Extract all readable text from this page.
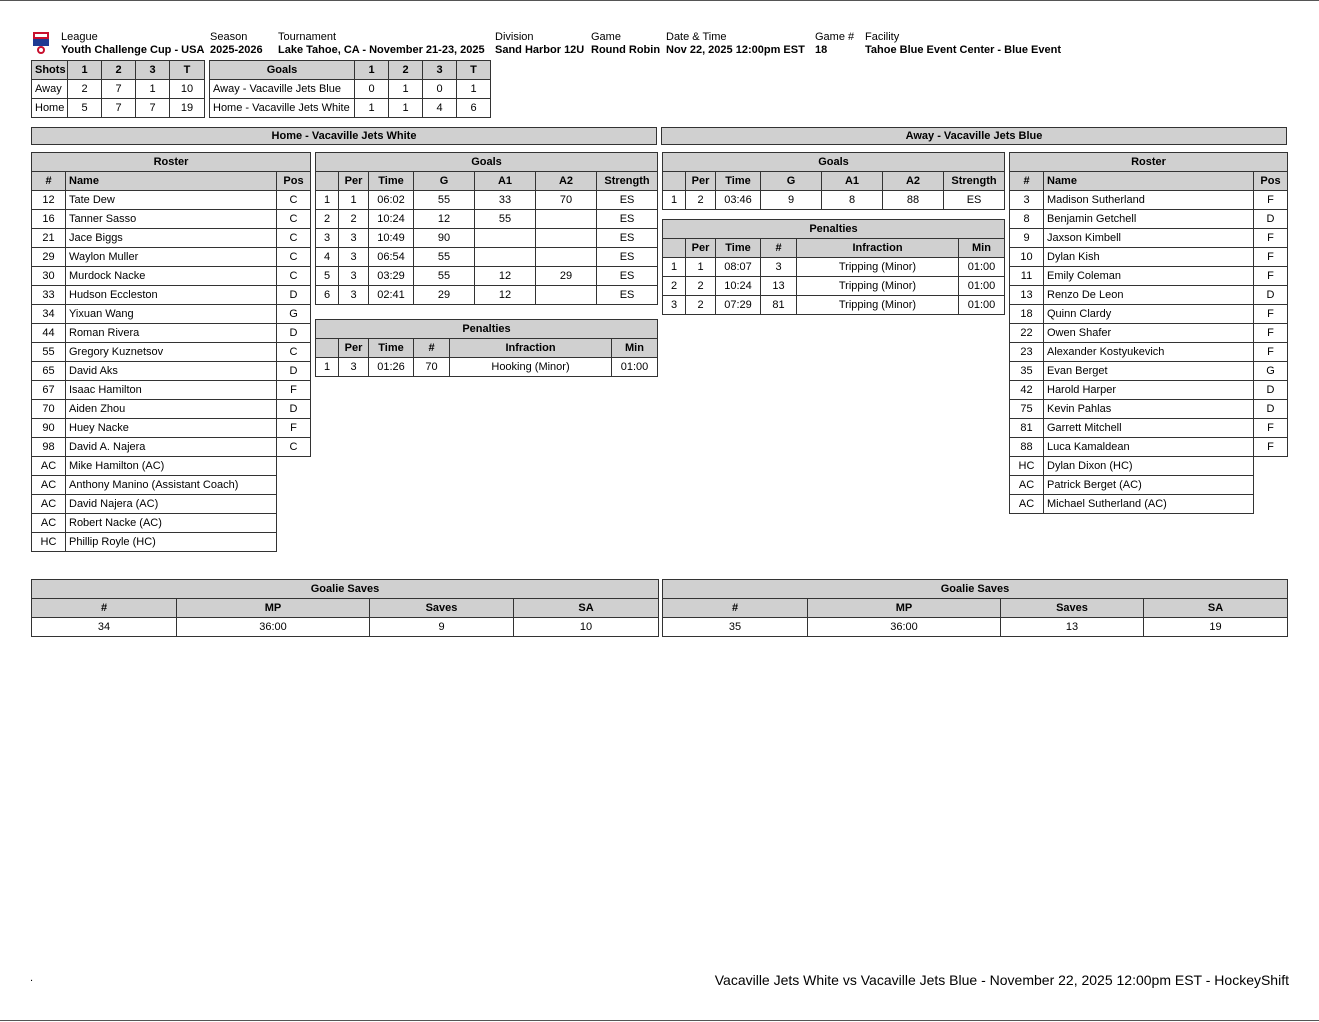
League
Youth Challenge Cup - USA
Season
2025-2026
Tournament
Lake Tahoe, CA - November 21-23, 2025
Division
Sand Harbor 12U
Game
Round Robin
Date & Time
Nov 22, 2025 12:00pm EST
Game #
18
Facility
Tahoe Blue Event Center - Blue Event
Shots	1	2	3	T
Away	2	7	1	10
Home	5	7	7	19
Goals	1	2	3	T
Away - Vacaville Jets Blue	0	1	0	1
Home - Vacaville Jets White	1	1	4	6
Home - Vacaville Jets White	Away - Vacaville Jets Blue
Roster		
#	Name	Pos
12	Tate Dew	C
16	Tanner Sasso	C
21	Jace Biggs	C
29	Waylon Muller	C
30	Murdock Nacke	C
33	Hudson Eccleston	D
34	Yixuan Wang	G
44	Roman Rivera	D
55	Gregory Kuznetsov	C
65	David Aks	D
67	Isaac Hamilton	F
70	Aiden Zhou	D
90	Huey Nacke	F
98	David A. Najera	C
AC	Mike Hamilton (AC)	
AC	Anthony Manino (Assistant Coach)	
AC	David Najera (AC)	
AC	Robert Nacke (AC)	
HC	Phillip Royle (HC)	
Goals						
	Per	Time	G	A1	A2	Strength
1	1	06:02	55	33	70	ES
2	2	10:24	12	55		ES
3	3	10:49	90			ES
4	3	06:54	55			ES
5	3	03:29	55	12	29	ES
6	3	02:41	29	12		ES
Penalties					
	Per	Time	#	Infraction	Min
1	3	01:26	70	Hooking (Minor)	01:00
Goals						
	Per	Time	G	A1	A2	Strength
1	2	03:46	9	8	88	ES
Penalties					
	Per	Time	#	Infraction	Min
1	1	08:07	3	Tripping (Minor)	01:00
2	2	10:24	13	Tripping (Minor)	01:00
3	2	07:29	81	Tripping (Minor)	01:00
Roster		
#	Name	Pos
3	Madison Sutherland	F
8	Benjamin Getchell	D
9	Jaxson Kimbell	F
10	Dylan Kish	F
11	Emily Coleman	F
13	Renzo De Leon	D
18	Quinn Clardy	F
22	Owen Shafer	F
23	Alexander Kostyukevich	F
35	Evan Berget	G
42	Harold Harper	D
75	Kevin Pahlas	D
81	Garrett Mitchell	F
88	Luca Kamaldean	F
HC	Dylan Dixon (HC)	
AC	Patrick Berget (AC)	
AC	Michael Sutherland (AC)	
Goalie Saves			
#	MP	Saves	SA
34	36:00	9	10
Goalie Saves			
#	MP	Saves	SA
35	36:00	13	19
.	Vacaville Jets White vs Vacaville Jets Blue - November 22, 2025 12:00pm EST - HockeyShift
